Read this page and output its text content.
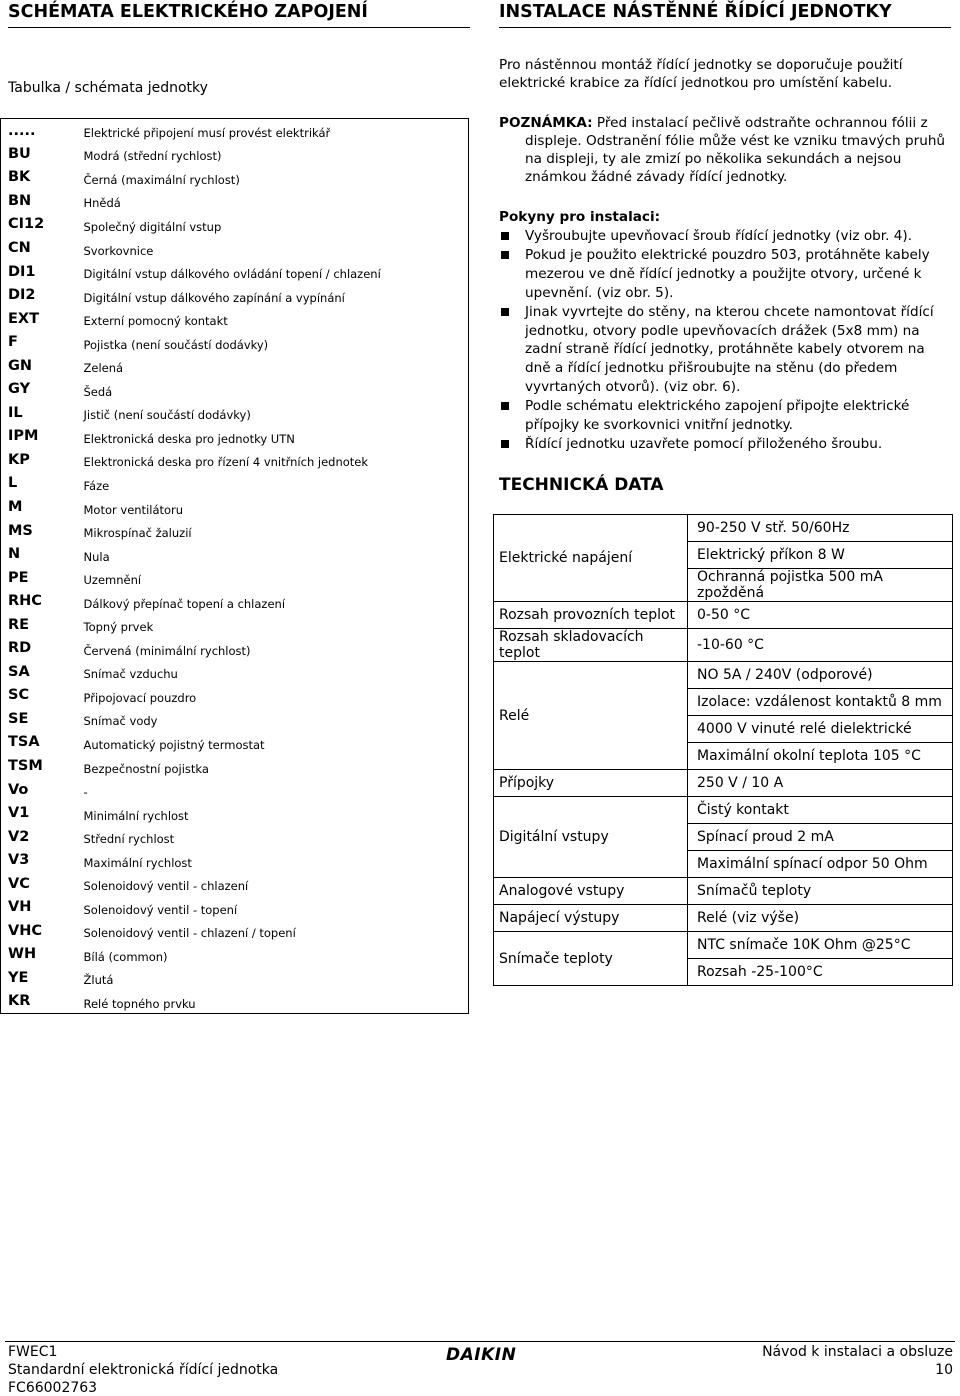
SCHÉMATA ELEKTRICKÉHO ZAPOJENÍ
Tabulka / schémata jednotky
.....	Elektrické připojení musí provést elektrikář
BU	Modrá (střední rychlost)
BK	Černá (maximální rychlost)
BN	Hnědá
CI12	Společný digitální vstup
CN	Svorkovnice
DI1	Digitální vstup dálkového ovládání topení / chlazení
DI2	Digitální vstup dálkového zapínání a vypínání
EXT	Externí pomocný kontakt
F	Pojistka (není součástí dodávky)
GN	Zelená
GY	Šedá
IL	Jistič (není součástí dodávky)
IPM	Elektronická deska pro jednotky UTN
KP	Elektronická deska pro řízení 4 vnitřních jednotek
L	Fáze
M	Motor ventilátoru
MS	Mikrospínač žaluzií
N	Nula
PE	Uzemnění
RHC	Dálkový přepínač topení a chlazení
RE	Topný prvek
RD	Červená (minimální rychlost)
SA	Snímač vzduchu
SC	Připojovací pouzdro
SE	Snímač vody
TSA	Automatický pojistný termostat
TSM	Bezpečnostní pojistka
Vo	-
V1	Minimální rychlost
V2	Střední rychlost
V3	Maximální rychlost
VC	Solenoidový ventil - chlazení
VH	Solenoidový ventil - topení
VHC	Solenoidový ventil - chlazení / topení
WH	Bílá (common)
YE	Žlutá
KR	Relé topného prvku
INSTALACE NÁSTĚNNÉ ŘÍDÍCÍ JEDNOTKY
Pro nástěnnou montáž řídící jednotky se doporučuje použití elektrické krabice za řídící jednotkou pro umístění kabelu.
POZNÁMKA: Před instalací pečlivě odstraňte ochrannou fólii z
displeje. Odstranění fólie může vést ke vzniku tmavých pruhů na displeji, ty ale zmizí po několika sekundách a nejsou známkou žádné závady řídící jednotky.
Pokyny pro instalaci:
Vyšroubujte upevňovací šroub řídící jednotky (viz obr. 4).
Pokud je použito elektrické pouzdro 503, protáhněte kabely mezerou ve dně řídící jednotky a použijte otvory, určené k upevnění. (viz obr. 5).
Jinak vyvrtejte do stěny, na kterou chcete namontovat řídící jednotku, otvory podle upevňovacích drážek (5x8 mm) na zadní straně řídící jednotky, protáhněte kabely otvorem na dně a řídící jednotku přišroubujte na stěnu (do předem vyvrtaných otvorů). (viz obr. 6).
Podle schématu elektrického zapojení připojte elektrické přípojky ke svorkovnici vnitřní jednotky.
Řídící jednotku uzavřete pomocí přiloženého šroubu.
TECHNICKÁ DATA
Elektrické napájení	90-250 V stř. 50/60Hz
	Elektrický příkon 8 W
	Ochranná pojistka 500 mA zpožděná
Rozsah provozních teplot	0-50 °C
Rozsah skladovacích teplot	-10-60 °C
Relé	NO 5A / 240V (odporové)
	Izolace: vzdálenost kontaktů 8 mm
	4000 V vinuté relé dielektrické
	Maximální okolní teplota 105 °C
Přípojky	250 V / 10 A
Digitální vstupy	Čistý kontakt
	Spínací proud 2 mA
	Maximální spínací odpor 50 Ohm
Analogové vstupy	Snímačů teploty
Napájecí výstupy	Relé (viz výše)
Snímače teploty	NTC snímače 10K Ohm @25°C
	Rozsah -25-100°C
FWEC1
Standardní elektronická řídící jednotka
FC66002763
DAIKIN	Návod k instalaci a obsluze
10
